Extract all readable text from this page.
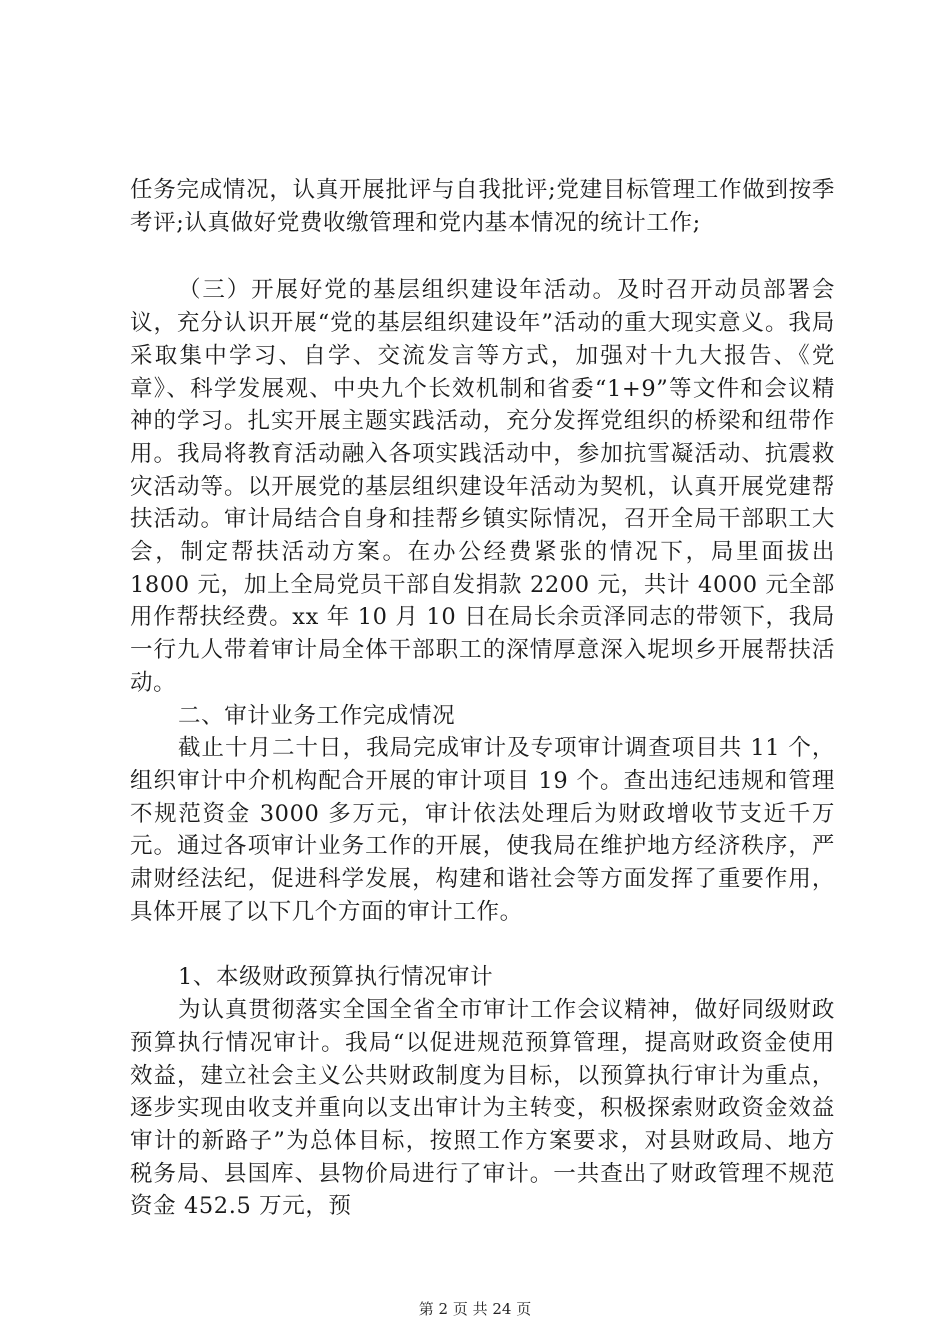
任务完成情况，认真开展批评与自我批评;党建目标管理工作做到按季考评;认真做好党费收缴管理和党内基本情况的统计工作;

（三）开展好党的基层组织建设年活动。及时召开动员部署会议，充分认识开展“党的基层组织建设年”活动的重大现实意义。我局采取集中学习、自学、交流发言等方式，加强对十九大报告、《党章》、科学发展观、中央九个长效机制和省委“1+9”等文件和会议精神的学习。扎实开展主题实践活动，充分发挥党组织的桥梁和纽带作用。我局将教育活动融入各项实践活动中，参加抗雪凝活动、抗震救灾活动等。以开展党的基层组织建设年活动为契机，认真开展党建帮扶活动。审计局结合自身和挂帮乡镇实际情况，召开全局干部职工大会，制定帮扶活动方案。在办公经费紧张的情况下，局里面拔出 1800 元，加上全局党员干部自发捐款 2200 元，共计 4000 元全部用作帮扶经费。xx 年 10 月 10 日在局长余贡泽同志的带领下，我局一行九人带着审计局全体干部职工的深情厚意深入坭坝乡开展帮扶活动。

二、审计业务工作完成情况

截止十月二十日，我局完成审计及专项审计调查项目共 11 个，组织审计中介机构配合开展的审计项目 19 个。查出违纪违规和管理不规范资金 3000 多万元，审计依法处理后为财政增收节支近千万元。通过各项审计业务工作的开展，使我局在维护地方经济秩序，严肃财经法纪，促进科学发展，构建和谐社会等方面发挥了重要作用，具体开展了以下几个方面的审计工作。

1、本级财政预算执行情况审计

为认真贯彻落实全国全省全市审计工作会议精神，做好同级财政预算执行情况审计。我局“以促进规范预算管理，提高财政资金使用效益，建立社会主义公共财政制度为目标，以预算执行审计为重点，逐步实现由收支并重向以支出审计为主转变，积极探索财政资金效益审计的新路子”为总体目标，按照工作方案要求，对县财政局、地方税务局、县国库、县物价局进行了审计。一共查出了财政管理不规范资金 452.5 万元，预

第 2 页 共 24 页
